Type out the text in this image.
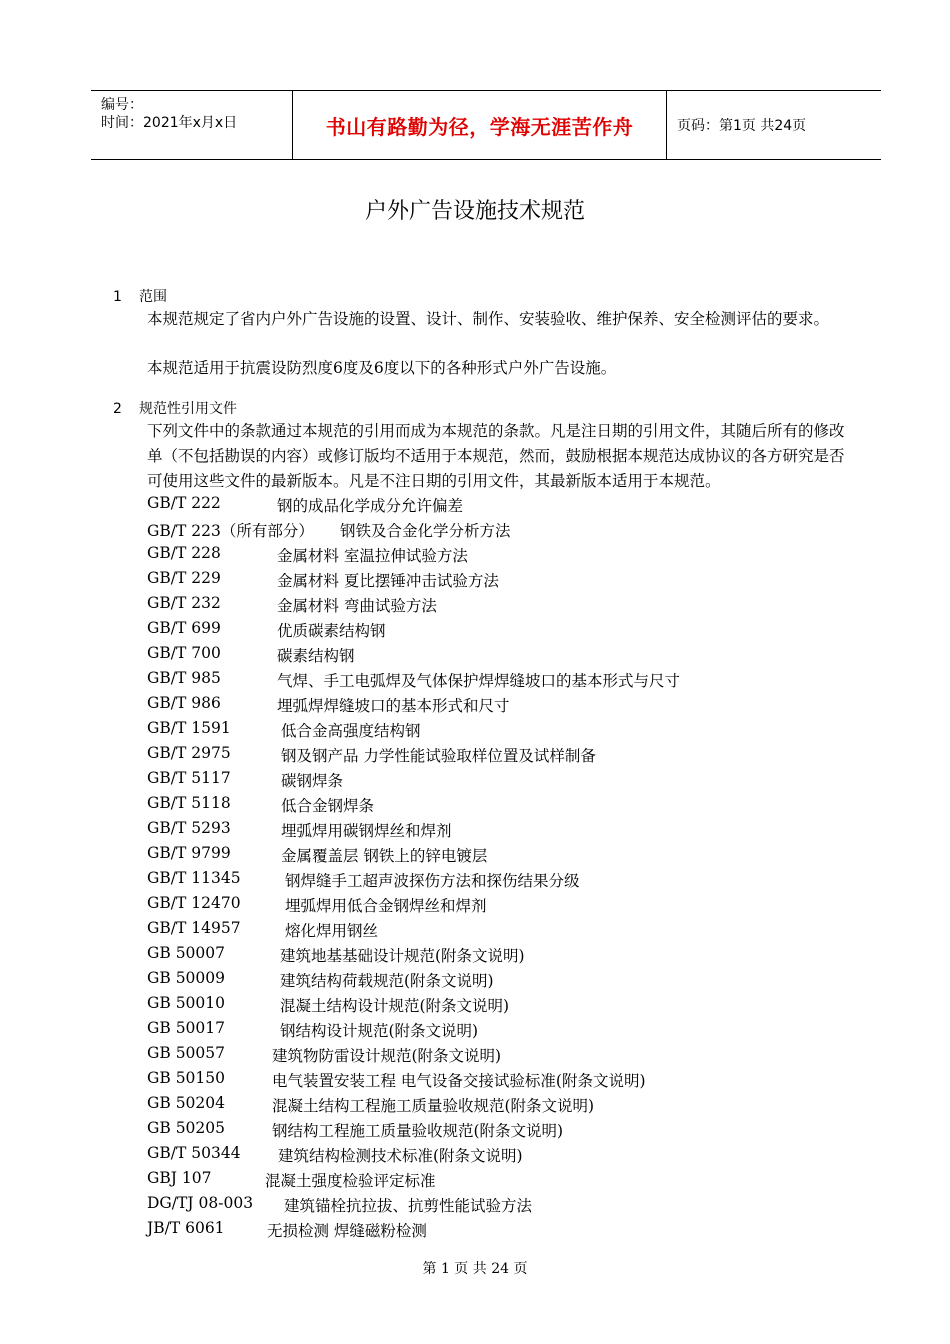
编号：
时间：2021年x月x日	书山有路勤为径，学海无涯苦作舟	页码：第1页 共24页
户外广告设施技术规范
1 范围
本规范规定了省内户外广告设施的设置、设计、制作、安装验收、维护保养、安全检测评估的要求。
本规范适用于抗震设防烈度6度及6度以下的各种形式户外广告设施。
2 规范性引用文件
下列文件中的条款通过本规范的引用而成为本规范的条款。凡是注日期的引用文件，其随后所有的修改单（不包括勘误的内容）或修订版均不适用于本规范，然而，鼓励根据本规范达成协议的各方研究是否可使用这些文件的最新版本。凡是不注日期的引用文件，其最新版本适用于本规范。
GB/T 222	钢的成品化学成分允许偏差
GB/T 223（所有部分） 钢铁及合金化学分析方法
GB/T 228	金属材料 室温拉伸试验方法
GB/T 229	金属材料 夏比摆锤冲击试验方法
GB/T 232	金属材料 弯曲试验方法
GB/T 699	优质碳素结构钢
GB/T 700	碳素结构钢
GB/T 985	气焊、手工电弧焊及气体保护焊焊缝坡口的基本形式与尺寸
GB/T 986	埋弧焊焊缝坡口的基本形式和尺寸
GB/T 1591	低合金高强度结构钢
GB/T 2975	钢及钢产品 力学性能试验取样位置及试样制备
GB/T 5117	碳钢焊条
GB/T 5118	低合金钢焊条
GB/T 5293	埋弧焊用碳钢焊丝和焊剂
GB/T 9799	金属覆盖层 钢铁上的锌电镀层
GB/T 11345	钢焊缝手工超声波探伤方法和探伤结果分级
GB/T 12470	埋弧焊用低合金钢焊丝和焊剂
GB/T 14957	熔化焊用钢丝
GB 50007	建筑地基基础设计规范(附条文说明)
GB 50009	建筑结构荷载规范(附条文说明)
GB 50010	混凝土结构设计规范(附条文说明)
GB 50017	钢结构设计规范(附条文说明)
GB 50057	建筑物防雷设计规范(附条文说明)
GB 50150	电气装置安装工程 电气设备交接试验标准(附条文说明)
GB 50204	混凝土结构工程施工质量验收规范(附条文说明)
GB 50205	钢结构工程施工质量验收规范(附条文说明)
GB/T 50344 建筑结构检测技术标准(附条文说明)
GBJ 107	混凝土强度检验评定标准
DG/TJ 08-003 建筑锚栓抗拉拔、抗剪性能试验方法
JB/T 6061	无损检测 焊缝磁粉检测
第 1 页 共 24 页
